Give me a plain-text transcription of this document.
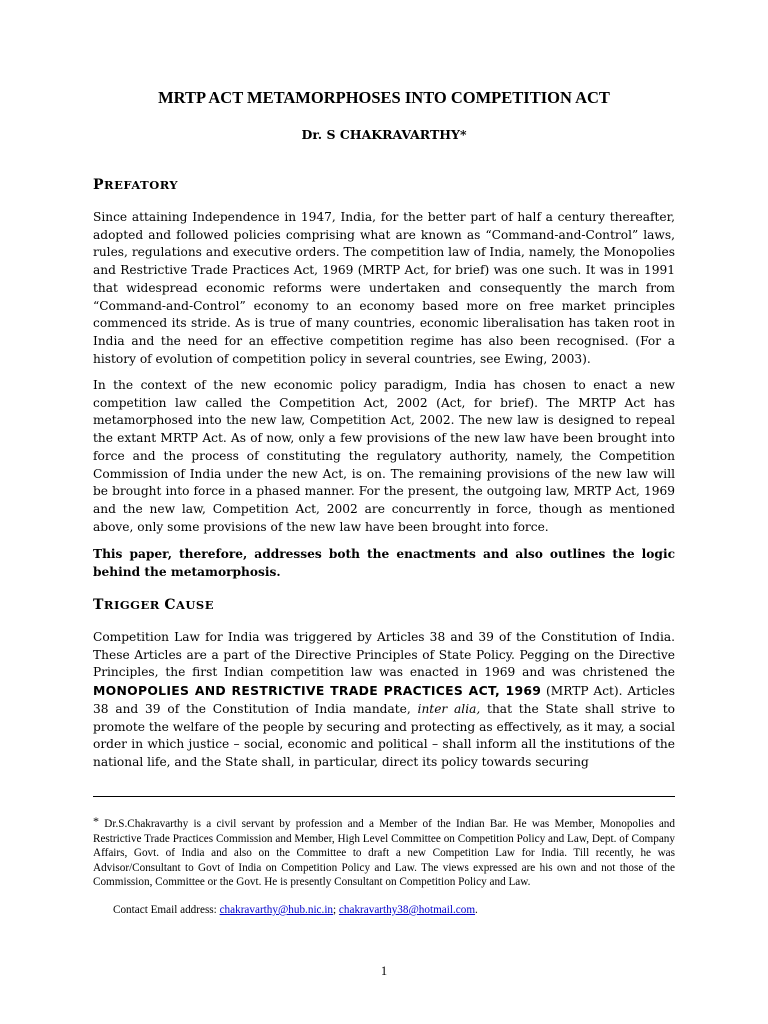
MRTP ACT METAMORPHOSES INTO COMPETITION ACT
Dr. S CHAKRAVARTHY*
PREFATORY

Since attaining Independence in 1947, India, for the better part of half a century thereafter, adopted and followed policies comprising what are known as “Command-and-Control” laws, rules, regulations and executive orders. The competition law of India, namely, the Monopolies and Restrictive Trade Practices Act, 1969 (MRTP Act, for brief) was one such. It was in 1991 that widespread economic reforms were undertaken and consequently the march from “Command-and-Control” economy to an economy based more on free market principles commenced its stride. As is true of many countries, economic liberalisation has taken root in India and the need for an effective competition regime has also been recognised. (For a history of evolution of competition policy in several countries, see Ewing, 2003).

In the context of the new economic policy paradigm, India has chosen to enact a new competition law called the Competition Act, 2002 (Act, for brief). The MRTP Act has metamorphosed into the new law, Competition Act, 2002. The new law is designed to repeal the extant MRTP Act. As of now, only a few provisions of the new law have been brought into force and the process of constituting the regulatory authority, namely, the Competition Commission of India under the new Act, is on. The remaining provisions of the new law will be brought into force in a phased manner. For the present, the outgoing law, MRTP Act, 1969 and the new law, Competition Act, 2002 are concurrently in force, though as mentioned above, only some provisions of the new law have been brought into force.

This paper, therefore, addresses both the enactments and also outlines the logic behind the metamorphosis.

TRIGGER CAUSE

Competition Law for India was triggered by Articles 38 and 39 of the Constitution of India. These Articles are a part of the Directive Principles of State Policy. Pegging on the Directive Principles, the first Indian competition law was enacted in 1969 and was christened the MONOPOLIES AND RESTRICTIVE TRADE PRACTICES ACT, 1969 (MRTP Act). Articles 38 and 39 of the Constitution of India mandate, inter alia, that the State shall strive to promote the welfare of the people by securing and protecting as effectively, as it may, a social order in which justice – social, economic and political – shall inform all the institutions of the national life, and the State shall, in particular, direct its policy towards securing

* Dr.S.Chakravarthy is a civil servant by profession and a Member of the Indian Bar. He was Member, Monopolies and Restrictive Trade Practices Commission and Member, High Level Committee on Competition Policy and Law, Dept. of Company Affairs, Govt. of India and also on the Committee to draft a new Competition Law for India. Till recently, he was Advisor/Consultant to Govt of India on Competition Policy and Law. The views expressed are his own and not those of the Commission, Committee or the Govt. He is presently Consultant on Competition Policy and Law.

Contact Email address: chakravarthy@hub.nic.in; chakravarthy38@hotmail.com.
1
